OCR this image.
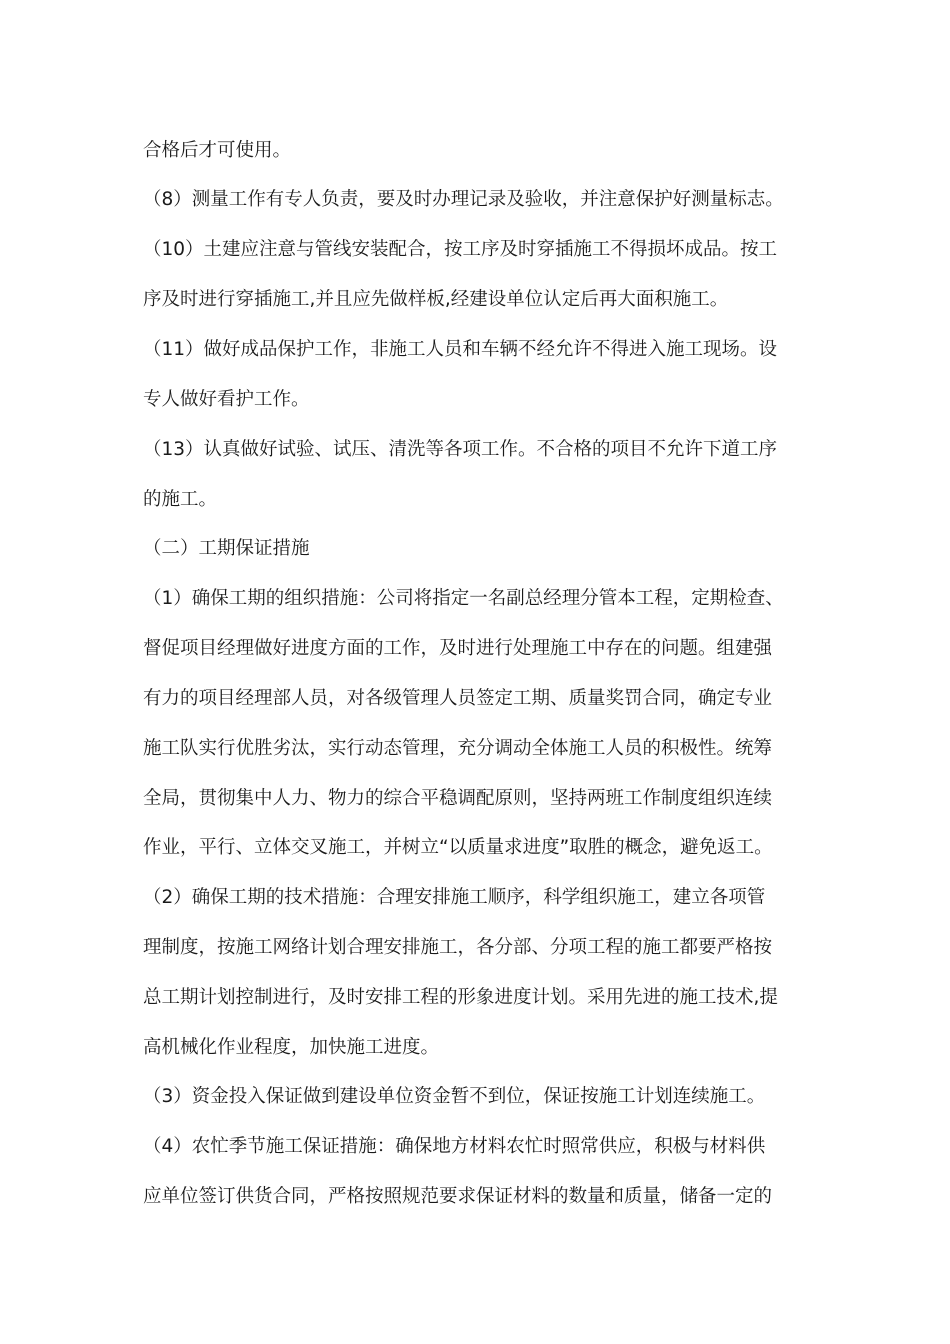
合格后才可使用。
（8）测量工作有专人负责，要及时办理记录及验收，并注意保护好测量标志。
（10）土建应注意与管线安装配合，按工序及时穿插施工不得损坏成品。按工
序及时进行穿插施工,并且应先做样板,经建设单位认定后再大面积施工。
（11）做好成品保护工作，非施工人员和车辆不经允许不得进入施工现场。设
专人做好看护工作。
（13）认真做好试验、试压、清洗等各项工作。不合格的项目不允许下道工序
的施工。
（二）工期保证措施
（1）确保工期的组织措施：公司将指定一名副总经理分管本工程，定期检查、
督促项目经理做好进度方面的工作，及时进行处理施工中存在的问题。组建强
有力的项目经理部人员，对各级管理人员签定工期、质量奖罚合同，确定专业
施工队实行优胜劣汰，实行动态管理，充分调动全体施工人员的积极性。统筹
全局，贯彻集中人力、物力的综合平稳调配原则，坚持两班工作制度组织连续
作业，平行、立体交叉施工，并树立“以质量求进度”取胜的概念，避免返工。
（2）确保工期的技术措施：合理安排施工顺序，科学组织施工，建立各项管
理制度，按施工网络计划合理安排施工，各分部、分项工程的施工都要严格按
总工期计划控制进行，及时安排工程的形象进度计划。采用先进的施工技术,提
高机械化作业程度，加快施工进度。
（3）资金投入保证做到建设单位资金暂不到位，保证按施工计划连续施工。
（4）农忙季节施工保证措施：确保地方材料农忙时照常供应，积极与材料供
应单位签订供货合同，严格按照规范要求保证材料的数量和质量，储备一定的
